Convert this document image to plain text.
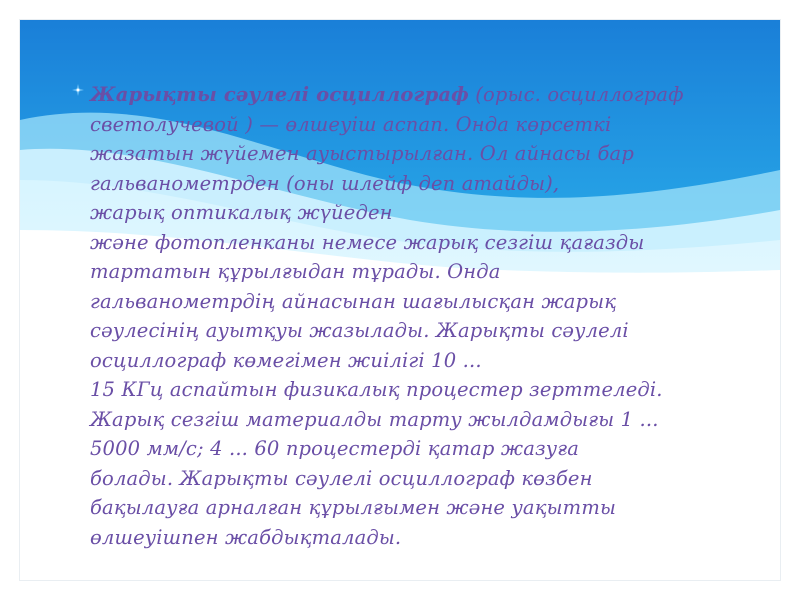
Жарықты сәулелі осциллограф (орыс. осциллограф
светолучевой ) — өлшеуіш аспап. Онда көрсеткі
жазатын жүйемен ауыстырылған. Ол айнасы бар
гальванометрден (оны шлейф деп атайды),
жарық оптикалық жүйеден
және фотопленканы немесе жарық сезгіш қағазды
тартатын құрылғыдан тұрады. Онда
гальванометрдің айнасынан шағылысқан жарық
сәулесінің ауытқуы жазылады. Жарықты сәулелі
осциллограф көмегімен жиілігі 10 ...
15 КГц аспайтын физикалық процестер зерттеледі.
Жарық сезгіш материалды тарту жылдамдығы 1 ...
5000 мм/с; 4 ... 60 процестерді қатар жазуға
болады. Жарықты сәулелі осциллограф көзбен
бақылауға арналған құрылғымен және уақытты
өлшеуішпен жабдықталады.
